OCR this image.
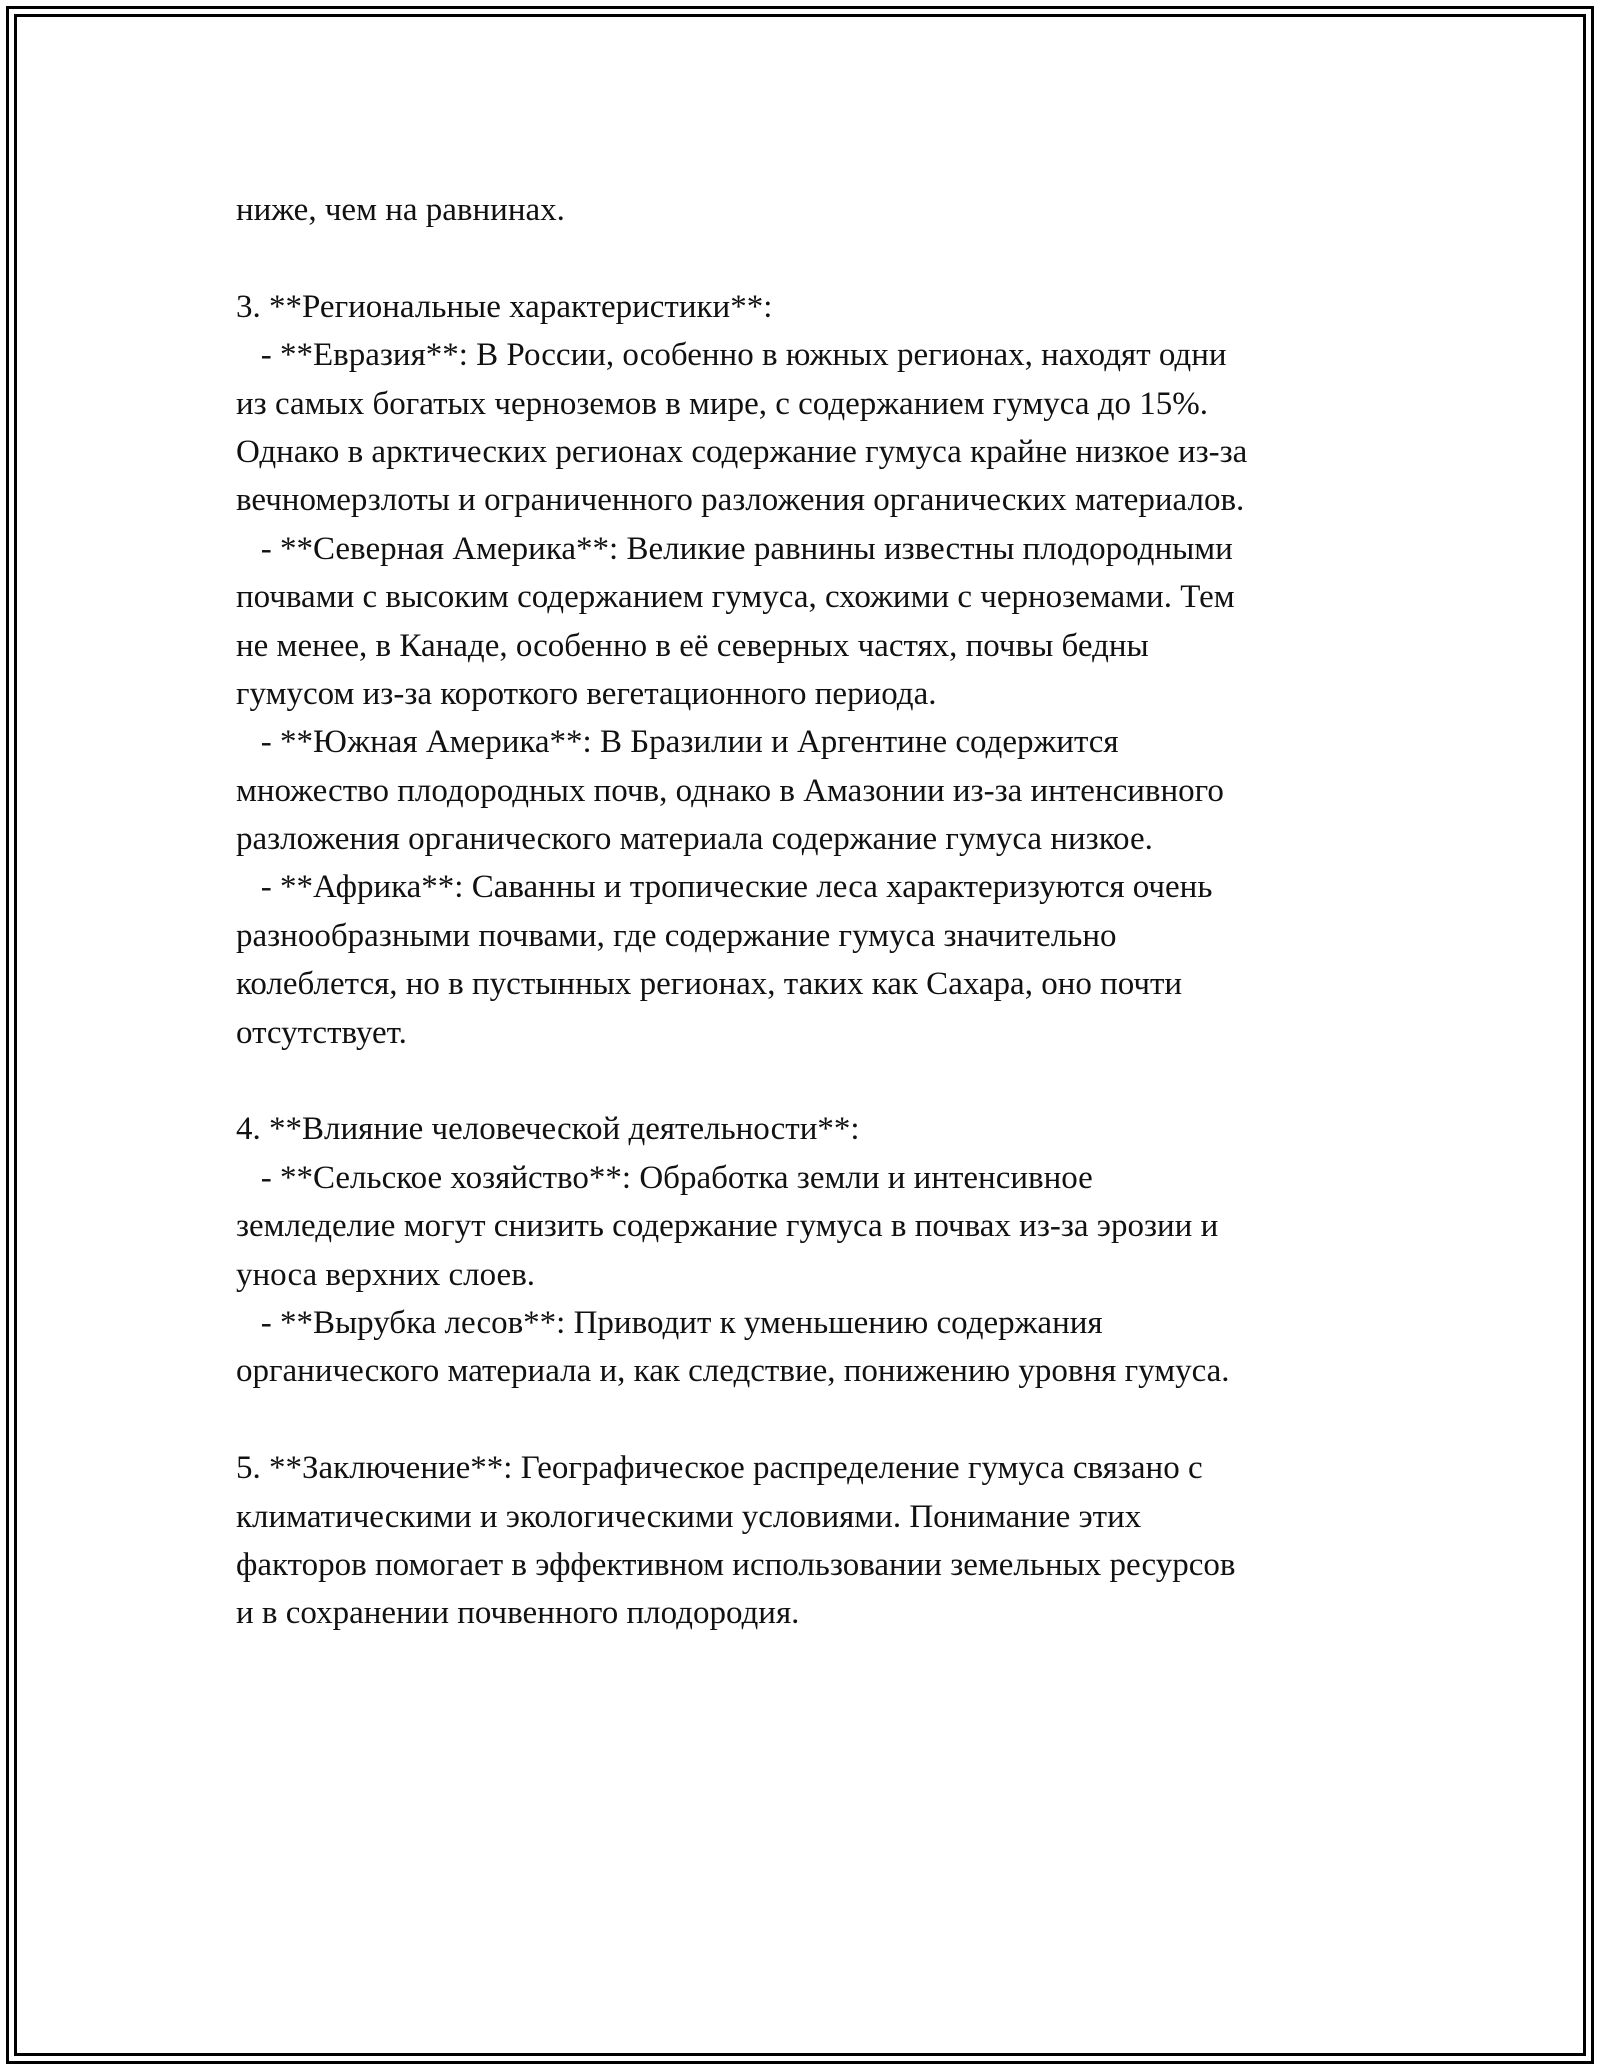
ниже, чем на равнинах.
3. **Региональные характеристики**:
- **Евразия**: В России, особенно в южных регионах, находят одни
из самых богатых черноземов в мире, с содержанием гумуса до 15%.
Однако в арктических регионах содержание гумуса крайне низкое из-за
вечномерзлоты и ограниченного разложения органических материалов.
- **Северная Америка**: Великие равнины известны плодородными
почвами с высоким содержанием гумуса, схожими с черноземами. Тем
не менее, в Канаде, особенно в её северных частях, почвы бедны
гумусом из-за короткого вегетационного периода.
- **Южная Америка**: В Бразилии и Аргентине содержится
множество плодородных почв, однако в Амазонии из-за интенсивного
разложения органического материала содержание гумуса низкое.
- **Африка**: Саванны и тропические леса характеризуются очень
разнообразными почвами, где содержание гумуса значительно
колеблется, но в пустынных регионах, таких как Сахара, оно почти
отсутствует.
4. **Влияние человеческой деятельности**:
- **Сельское хозяйство**: Обработка земли и интенсивное
земледелие могут снизить содержание гумуса в почвах из-за эрозии и
уноса верхних слоев.
- **Вырубка лесов**: Приводит к уменьшению содержания
органического материала и, как следствие, понижению уровня гумуса.
5. **Заключение**: Географическое распределение гумуса связано с
климатическими и экологическими условиями. Понимание этих
факторов помогает в эффективном использовании земельных ресурсов
и в сохранении почвенного плодородия.
